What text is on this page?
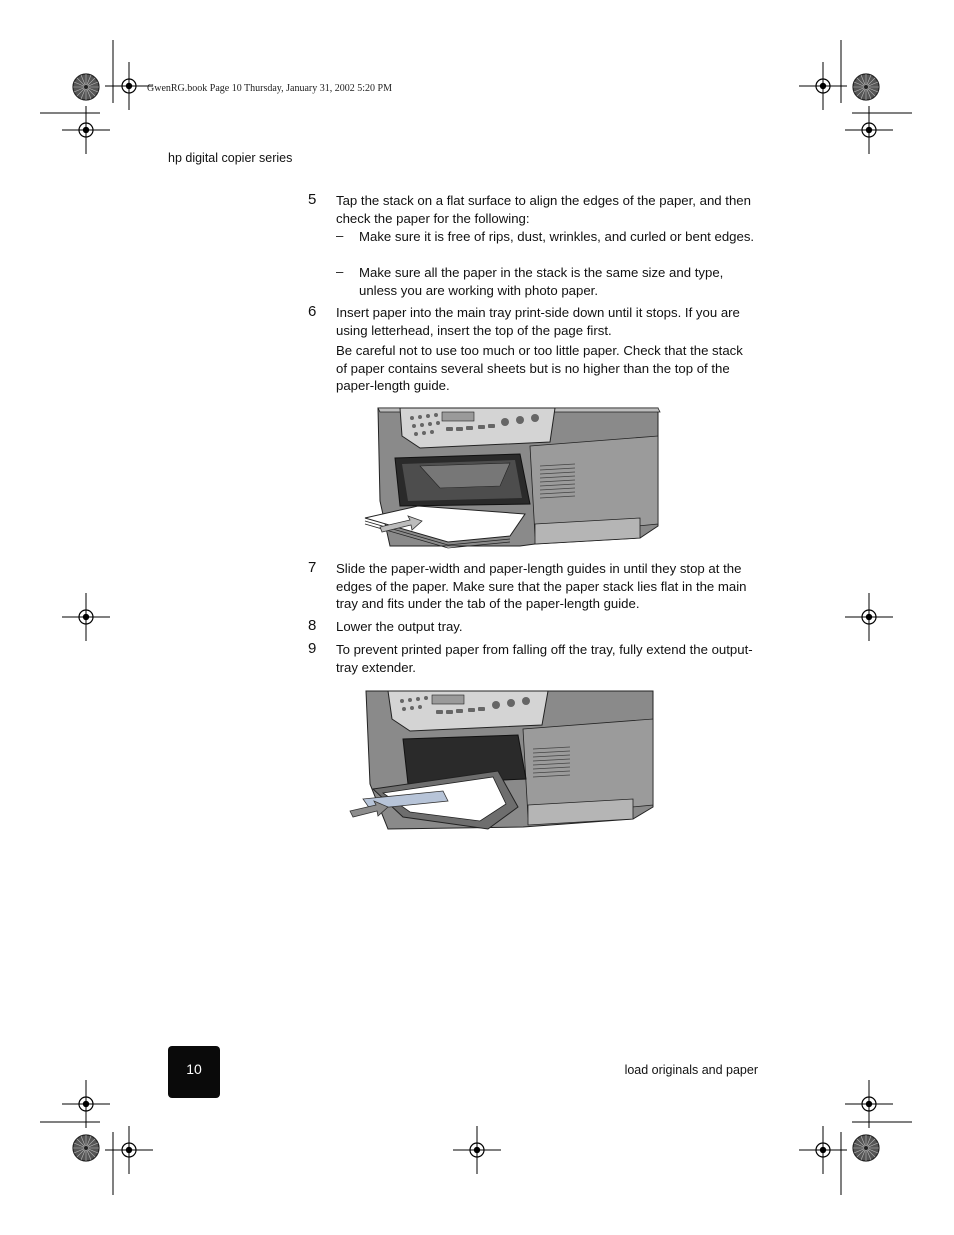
GwenRG.book Page 10 Thursday, January 31, 2002 5:20 PM
hp digital copier series
5 Tap the stack on a flat surface to align the edges of the paper, and then check the paper for the following:
– Make sure it is free of rips, dust, wrinkles, and curled or bent edges.
– Make sure all the paper in the stack is the same size and type, unless you are working with photo paper.
6 Insert paper into the main tray print-side down until it stops. If you are using letterhead, insert the top of the page first.
Be careful not to use too much or too little paper. Check that the stack of paper contains several sheets but is no higher than the top of the paper-length guide.
7 Slide the paper-width and paper-length guides in until they stop at the edges of the paper. Make sure that the paper stack lies flat in the main tray and fits under the tab of the paper-length guide.
8 Lower the output tray.
9 To prevent printed paper from falling off the tray, fully extend the output-tray extender.
10	load originals and paper
